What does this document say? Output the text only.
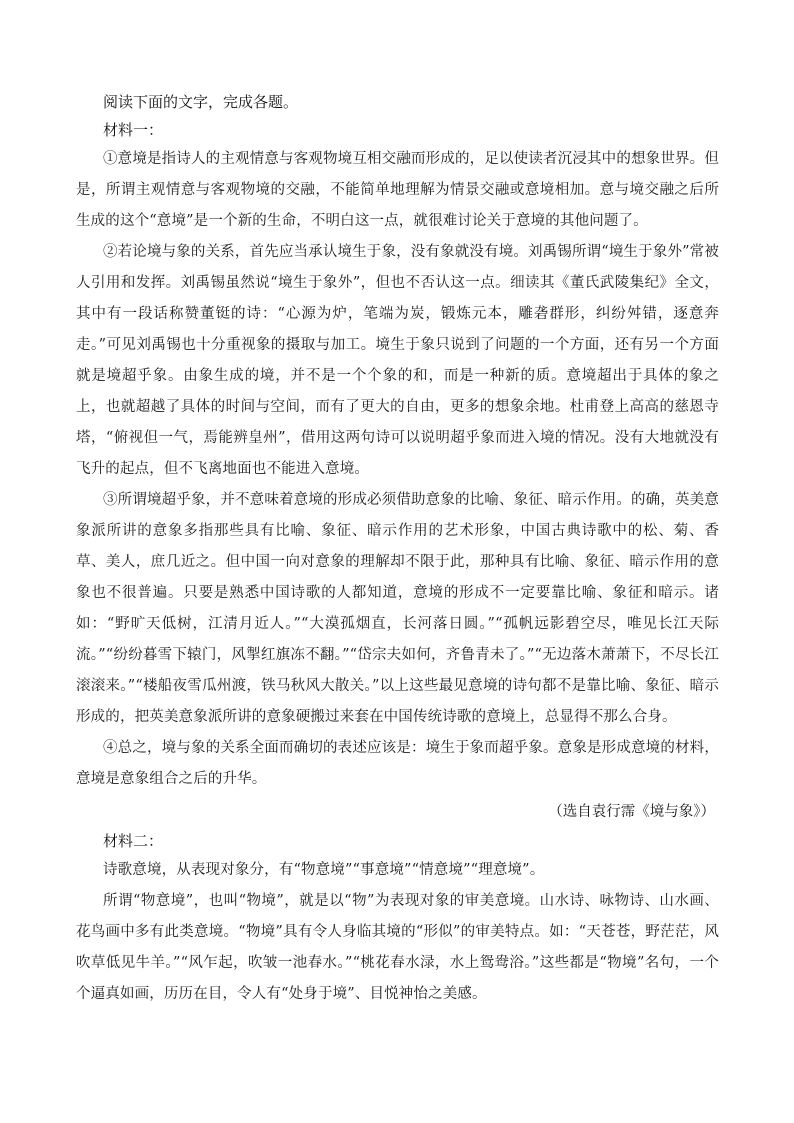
阅读下面的文字，完成各题。

材料一：

①意境是指诗人的主观情意与客观物境互相交融而形成的，足以使读者沉浸其中的想象世界。但是，所谓主观情意与客观物境的交融，不能简单地理解为情景交融或意境相加。意与境交融之后所生成的这个“意境”是一个新的生命，不明白这一点，就很难讨论关于意境的其他问题了。

②若论境与象的关系，首先应当承认境生于象，没有象就没有境。刘禹锡所谓“境生于象外”常被人引用和发挥。刘禹锡虽然说“境生于象外”，但也不否认这一点。细读其《董氏武陵集纪》全文，其中有一段话称赞董铤的诗：“心源为炉，笔端为炭，锻炼元本，雕砻群形，纠纷舛错，逐意奔走。”可见刘禹锡也十分重视象的摄取与加工。境生于象只说到了问题的一个方面，还有另一个方面就是境超乎象。由象生成的境，并不是一个个象的和，而是一种新的质。意境超出于具体的象之上，也就超越了具体的时间与空间，而有了更大的自由，更多的想象余地。杜甫登上高高的慈恩寺塔，“俯视但一气，焉能辨皇州”，借用这两句诗可以说明超乎象而进入境的情况。没有大地就没有飞升的起点，但不飞离地面也不能进入意境。

③所谓境超乎象，并不意味着意境的形成必须借助意象的比喻、象征、暗示作用。的确，英美意象派所讲的意象多指那些具有比喻、象征、暗示作用的艺术形象，中国古典诗歌中的松、菊、香草、美人，庶几近之。但中国一向对意象的理解却不限于此，那种具有比喻、象征、暗示作用的意象也不很普遍。只要是熟悉中国诗歌的人都知道，意境的形成不一定要靠比喻、象征和暗示。诸如：“野旷天低树，江清月近人。”“大漠孤烟直，长河落日圆。”“孤帆远影碧空尽，唯见长江天际流。”“纷纷暮雪下辕门，风掣红旗冻不翻。”“岱宗夫如何，齐鲁青未了。”“无边落木萧萧下，不尽长江滚滚来。”“楼船夜雪瓜州渡，铁马秋风大散关。”以上这些最见意境的诗句都不是靠比喻、象征、暗示形成的，把英美意象派所讲的意象硬搬过来套在中国传统诗歌的意境上，总显得不那么合身。

④总之，境与象的关系全面而确切的表述应该是：境生于象而超乎象。意象是形成意境的材料，意境是意象组合之后的升华。

（选自袁行霈《境与象》）

材料二：

诗歌意境，从表现对象分，有“物意境”“事意境”“情意境”“理意境”。

所谓“物意境”，也叫“物境”，就是以“物”为表现对象的审美意境。山水诗、咏物诗、山水画、花鸟画中多有此类意境。“物境”具有令人身临其境的“形似”的审美特点。如：“天苍苍，野茫茫，风吹草低见牛羊。”“风乍起，吹皱一池春水。”“桃花春水渌，水上鸳鸯浴。”这些都是“物境”名句，一个个逼真如画，历历在目，令人有“处身于境”、目悦神怡之美感。
